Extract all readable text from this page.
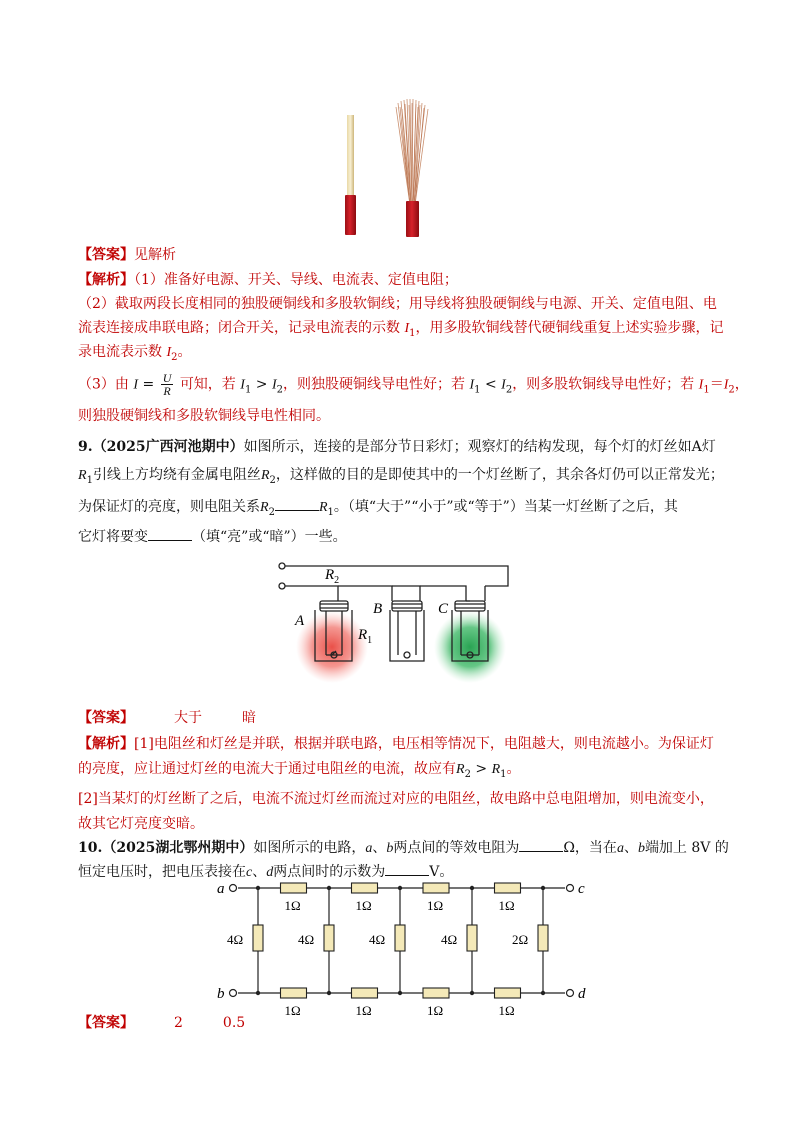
【答案】见解析
【解析】（1）准备好电源、开关、导线、电流表、定值电阻；
（2）截取两段长度相同的独股硬铜线和多股软铜线；用导线将独股硬铜线与电源、开关、定值电阻、电
流表连接成串联电路；闭合开关，记录电流表的示数 $I_1$，用多股软铜线替代硬铜线重复上述实验步骤，记
录电流表示数 $I_2$。
（3）由 $I = \frac{U}{R}$ 可知，若 $I_1 > I_2$，则独股硬铜线导电性好；若 $I_1 < I_2$，则多股软铜线导电性好；若 $I_1=I_2$，
则独股硬铜线和多股软铜线导电性相同。
9.（2025广西河池期中）如图所示，连接的是部分节日彩灯；观察灯的结构发现，每个灯的灯丝如A灯
$R_1$引线上方均绕有金属电阻丝$R_2$，这样做的目的是即使其中的一个灯丝断了，其余各灯仍可以正常发光；
为保证灯的亮度，则电阻关系$R_2$	$R_1$。（填“大于”“小于”或“等于”）当某一灯丝断了之后，其
它灯将要变	（填“亮”或“暗”）一些。
$R_2$
$R_1$
A
B	C
【答案】	大于	暗
【解析】[1]电阻丝和灯丝是并联，根据并联电路，电压相等情况下，电阻越大，则电流越小。为保证灯
的亮度，应让通过灯丝的电流大于通过电阻丝的电流，故应有$R_2 > R_1$。
[2]当某灯的灯丝断了之后，电流不流过灯丝而流过对应的电阻丝，故电路中总电阻增加，则电流变小，
故其它灯亮度变暗。
10.（2025湖北鄂州期中）如图所示的电路，a、b两点间的等效电阻为	Ω，当在a、b端加上 8V 的
恒定电压时，把电压表接在c、d两点间时的示数为	V。
a
b
c
d
1Ω
1Ω
1Ω
1Ω
1Ω
1Ω
1Ω
1Ω
4Ω	4Ω	4Ω	4Ω	2Ω
【答案】	2	0.5
